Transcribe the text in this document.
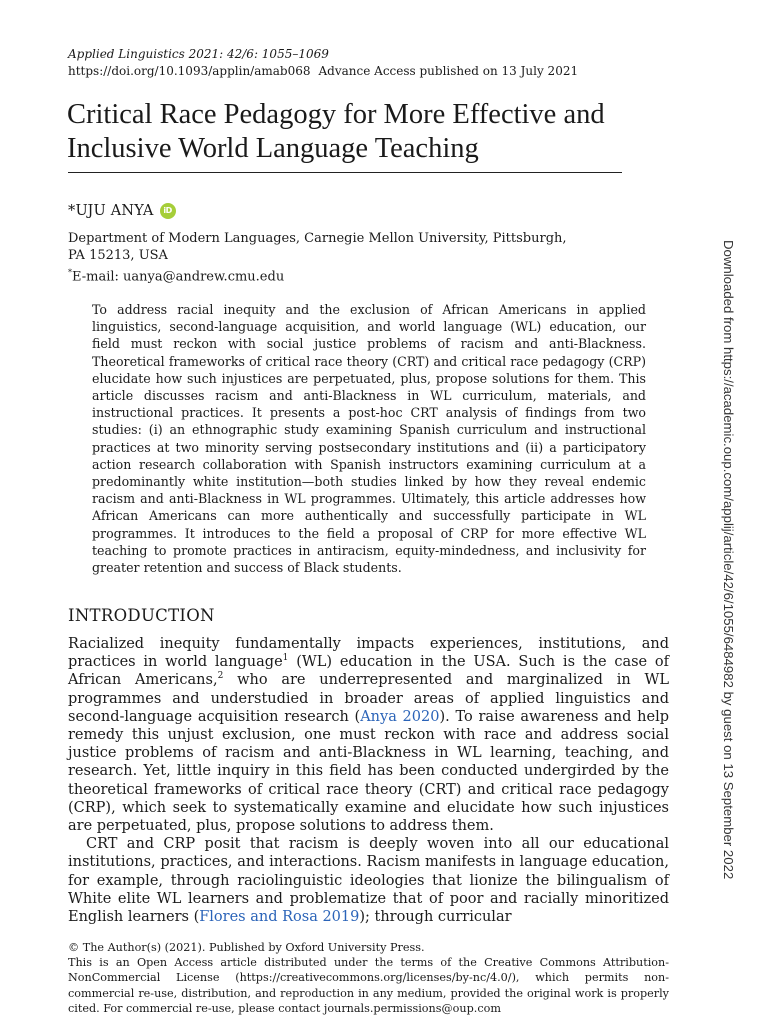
Applied Linguistics 2021: 42/6: 1055–1069
https://doi.org/10.1093/applin/amab068 Advance Access published on 13 July 2021
Critical Race Pedagogy for More Effective and Inclusive World Language Teaching
*UJU ANYA	iD
Department of Modern Languages, Carnegie Mellon University, Pittsburgh,
PA 15213, USA
*E-mail: uanya@andrew.cmu.edu
To address racial inequity and the exclusion of African Americans in applied linguistics, second-language acquisition, and world language (WL) education, our field must reckon with social justice problems of racism and anti-Blackness. Theoretical frameworks of critical race theory (CRT) and critical race pedagogy (CRP) elucidate how such injustices are perpetuated, plus, propose solutions for them. This article discusses racism and anti-Blackness in WL curriculum, materials, and instructional practices. It presents a post-hoc CRT analysis of findings from two studies: (i) an ethnographic study examining Spanish curriculum and instructional practices at two minority serving postsecondary institutions and (ii) a participatory action research collaboration with Spanish instructors examining curriculum at a predominantly white institution—both studies linked by how they reveal endemic racism and anti-Blackness in WL programmes. Ultimately, this article addresses how African Americans can more authentically and successfully participate in WL programmes. It introduces to the field a proposal of CRP for more effective WL teaching to promote practices in antiracism, equity-mindedness, and inclusivity for greater retention and success of Black students.
INTRODUCTION

Racialized inequity fundamentally impacts experiences, institutions, and practices in world language$^1$ (WL) education in the USA. Such is the case of African Americans,$^2$ who are underrepresented and marginalized in WL programmes and understudied in broader areas of applied linguistics and second-language acquisition research (Anya 2020). To raise awareness and help remedy this unjust exclusion, one must reckon with race and address social justice problems of racism and anti-Blackness in WL learning, teaching, and research. Yet, little inquiry in this field has been conducted undergirded by the theoretical frameworks of critical race theory (CRT) and critical race pedagogy (CRP), which seek to systematically examine and elucidate how such injustices are perpetuated, plus, propose solutions to address them.

CRT and CRP posit that racism is deeply woven into all our educational institutions, practices, and interactions. Racism manifests in language education, for example, through raciolinguistic ideologies that lionize the bilingualism of White elite WL learners and problematize that of poor and racially minoritized English learners (Flores and Rosa 2019); through curricular

© The Author(s) (2021). Published by Oxford University Press.

This is an Open Access article distributed under the terms of the Creative Commons Attribution-NonCommercial License (https://creativecommons.org/licenses/by-nc/4.0/), which permits non-commercial re-use, distribution, and reproduction in any medium, provided the original work is properly cited. For commercial re-use, please contact journals.permissions@oup.com

Downloaded from https://academic.oup.com/applij/article/42/6/1055/6484982 by guest on 13 September 2022
